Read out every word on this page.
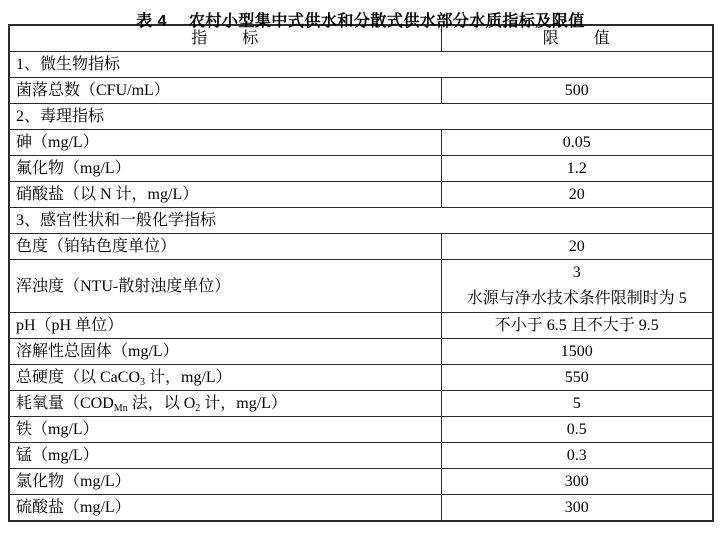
表 4 农村小型集中式供水和分散式供水部分水质指标及限值
指　　标	限　　值
1、微生物指标	
菌落总数（CFU/mL）	500
2、毒理指标	
砷（mg/L）	0.05
氟化物（mg/L）	1.2
硝酸盐（以 N 计，mg/L）	20
3、感官性状和一般化学指标	
色度（铂钴色度单位）	20
浑浊度（NTU-散射浊度单位）	3
水源与净水技术条件限制时为 5

pH（pH 单位）	不小于 6.5 且不大于 9.5
溶解性总固体（mg/L）	1500
总硬度（以 CaCO$_3$ 计，mg/L）	550
耗氧量（$COD_{Mn}$ 法，以 $O_2$ 计，mg/L）	5
铁（mg/L）	0.5
锰（mg/L）	0.3
氯化物（mg/L）	300
硫酸盐（mg/L）	300
